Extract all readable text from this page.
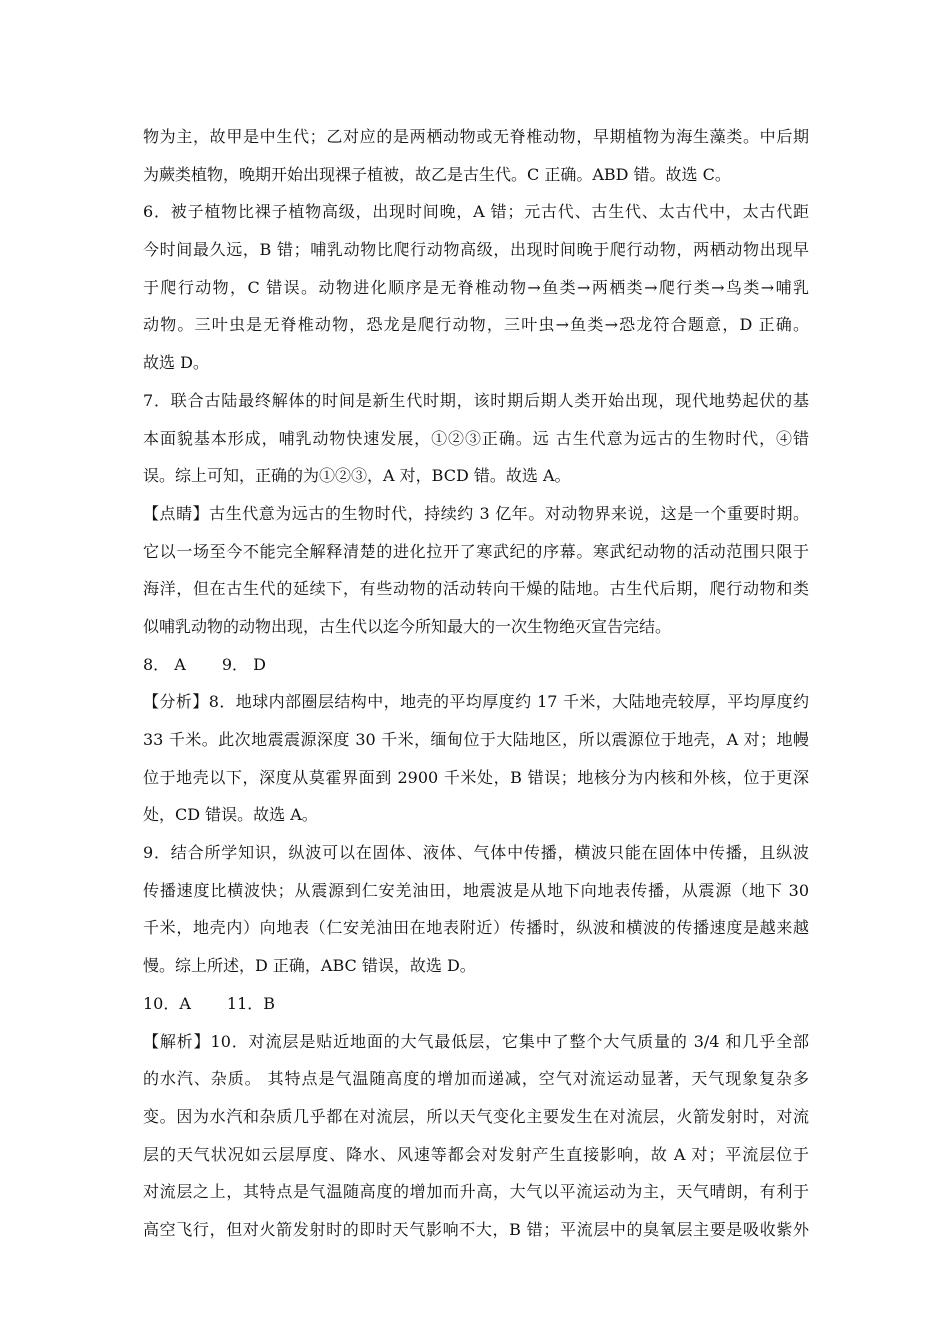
物为主，故甲是中生代；乙对应的是两栖动物或无脊椎动物，早期植物为海生藻类。中后期
为蕨类植物，晚期开始出现裸子植被，故乙是古生代。C 正确。ABD 错。故选 C。
6．被子植物比裸子植物高级，出现时间晚，A 错；元古代、古生代、太古代中，太古代距
今时间最久远，B 错；哺乳动物比爬行动物高级，出现时间晚于爬行动物，两栖动物出现早
于爬行动物，C 错误。动物进化顺序是无脊椎动物→鱼类→两栖类→爬行类→鸟类→哺乳
动物。三叶虫是无脊椎动物，恐龙是爬行动物，三叶虫→鱼类→恐龙符合题意，D 正确。
故选 D。
7．联合古陆最终解体的时间是新生代时期，该时期后期人类开始出现，现代地势起伏的基
本面貌基本形成，哺乳动物快速发展，①②③正确。远 古生代意为远古的生物时代，④错
误。综上可知，正确的为①②③，A 对，BCD 错。故选 A。
【点睛】古生代意为远古的生物时代，持续约 3 亿年。对动物界来说，这是一个重要时期。
它以一场至今不能完全解释清楚的进化拉开了寒武纪的序幕。寒武纪动物的活动范围只限于
海洋，但在古生代的延续下，有些动物的活动转向干燥的陆地。古生代后期，爬行动物和类
似哺乳动物的动物出现，古生代以迄今所知最大的一次生物绝灭宣告完结。
8． A 9． D
【分析】8．地球内部圈层结构中，地壳的平均厚度约 17 千米，大陆地壳较厚，平均厚度约
33 千米。此次地震震源深度 30 千米，缅甸位于大陆地区，所以震源位于地壳，A 对；地幔
位于地壳以下，深度从莫霍界面到 2900 千米处，B 错误；地核分为内核和外核，位于更深
处，CD 错误。故选 A。
9．结合所学知识，纵波可以在固体、液体、气体中传播，横波只能在固体中传播，且纵波
传播速度比横波快；从震源到仁安羌油田，地震波是从地下向地表传播，从震源（地下 30
千米，地壳内）向地表（仁安羌油田在地表附近）传播时，纵波和横波的传播速度是越来越
慢。综上所述，D 正确，ABC 错误，故选 D。
10．A 11．B
【解析】10．对流层是贴近地面的大气最低层，它集中了整个大气质量的 3/4 和几乎全部
的水汽、杂质。 其特点是气温随高度的增加而递减，空气对流运动显著，天气现象复杂多
变。因为水汽和杂质几乎都在对流层，所以天气变化主要发生在对流层，火箭发射时，对流
层的天气状况如云层厚度、降水、风速等都会对发射产生直接影响，故 A 对；平流层位于
对流层之上，其特点是气温随高度的增加而升高，大气以平流运动为主，天气晴朗，有利于
高空飞行，但对火箭发射时的即时天气影响不大，B 错；平流层中的臭氧层主要是吸收紫外
